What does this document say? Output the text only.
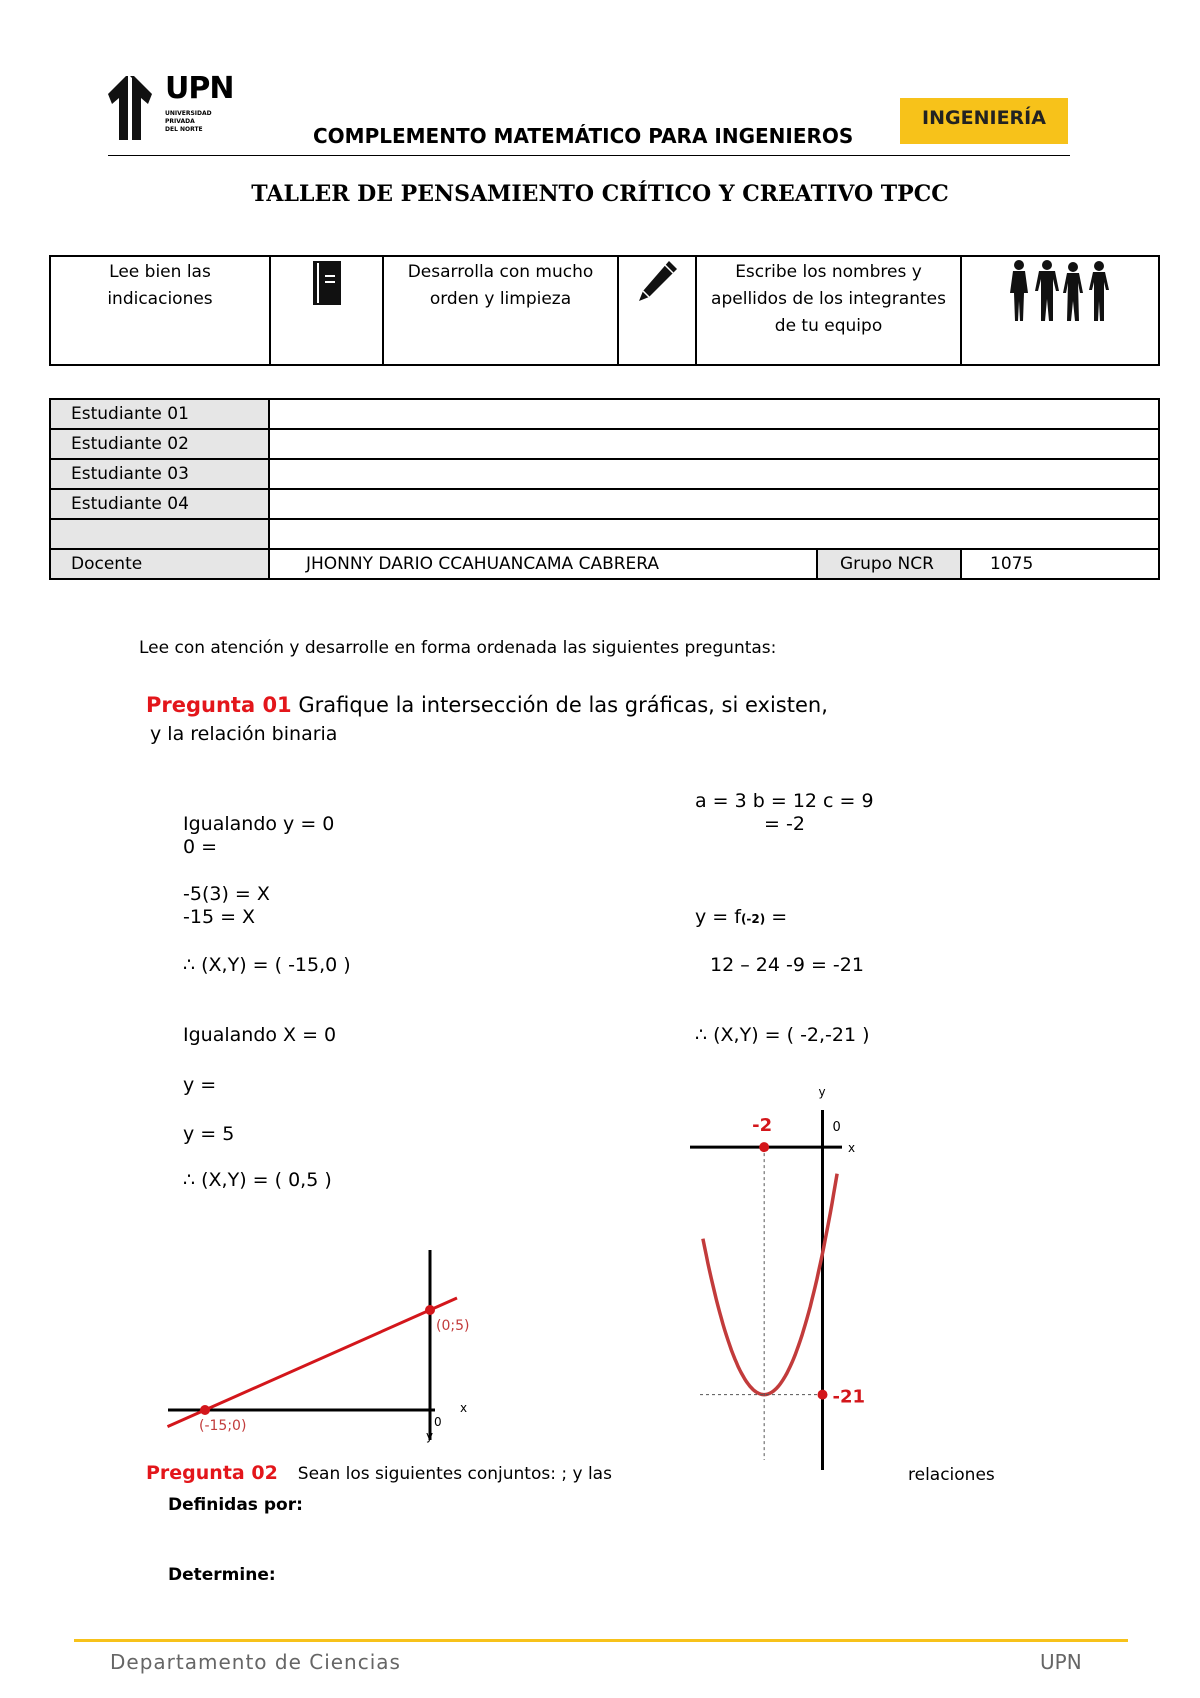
UPN
UNIVERSIDAD
PRIVADA
DEL NORTE	COMPLEMENTO MATEMÁTICO PARA INGENIEROS
INGENIERÍA
TALLER DE PENSAMIENTO CRÍTICO Y CREATIVO TPCC
Lee bien las indicaciones		Desarrolla con mucho orden y limpieza		Escribe los nombres y apellidos de los integrantes de tu equipo	
Estudiante 01			
Estudiante 02			
Estudiante 03			
Estudiante 04			

Docente	JHONNY DARIO CCAHUANCAMA CABRERA	Grupo NCR	1075
Lee con atención y desarrolle en forma ordenada las siguientes preguntas:
Pregunta 01 Grafique la intersección de las gráficas, si existen,
y la relación binaria
Igualando y = 0
0 =
-5(3) = X
-15 = X
∴ (X,Y) = ( -15,0 )
Igualando X = 0
y =
y = 5
∴ (X,Y) = ( 0,5 )
a = 3 b = 12 c = 9
= -2
y = f(-2) =
12 – 24 -9 = -21
∴ (X,Y) = ( -2,-21 )
x
y
0
(-15;0)
(0;5)
x
y
0
-2
-21
Pregunta 02 Sean los siguientes conjuntos: ; y las	relaciones
Definidas por:
Determine:
Departamento de Ciencias	UPN
